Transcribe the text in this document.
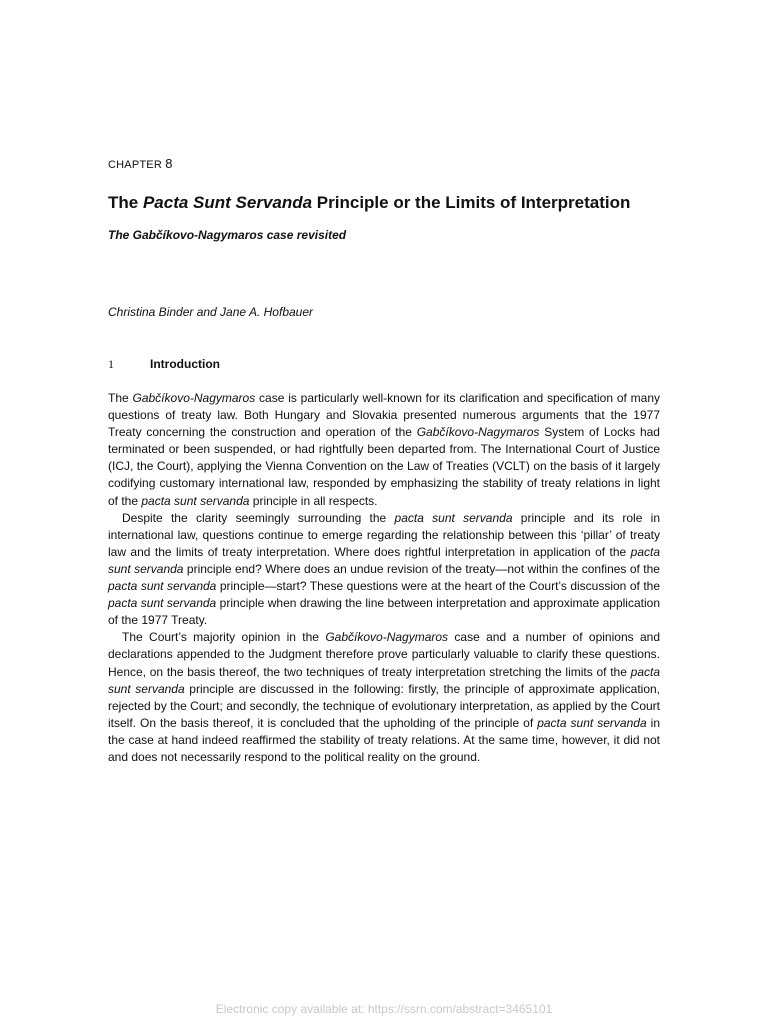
CHAPTER 8
The Pacta Sunt Servanda Principle or the Limits of Interpretation
The Gabčíkovo-Nagymaros case revisited
Christina Binder and Jane A. Hofbauer
1	Introduction

The Gabčíkovo-Nagymaros case is particularly well-known for its clarification and specification of many questions of treaty law. Both Hungary and Slovakia presented numerous arguments that the 1977 Treaty concerning the construction and operation of the Gabčíkovo-Nagymaros System of Locks had terminated or been suspended, or had rightfully been departed from. The International Court of Justice (ICJ, the Court), applying the Vienna Convention on the Law of Treaties (VCLT) on the basis of it largely codifying customary international law, responded by emphasizing the stability of treaty relations in light of the pacta sunt servanda principle in all respects.

Despite the clarity seemingly surrounding the pacta sunt servanda principle and its role in international law, questions continue to emerge regarding the relationship between this ‘pillar’ of treaty law and the limits of treaty interpretation. Where does rightful interpretation in application of the pacta sunt servanda principle end? Where does an undue revision of the treaty—not within the confines of the pacta sunt servanda principle—start? These questions were at the heart of the Court’s discussion of the pacta sunt servanda principle when drawing the line between interpretation and approximate application of the 1977 Treaty.

The Court’s majority opinion in the Gabčíkovo-Nagymaros case and a number of opinions and declarations appended to the Judgment therefore prove particularly valuable to clarify these questions. Hence, on the basis thereof, the two techniques of treaty interpretation stretching the limits of the pacta sunt servanda principle are discussed in the following: firstly, the principle of approximate application, rejected by the Court; and secondly, the technique of evolutionary interpretation, as applied by the Court itself. On the basis thereof, it is concluded that the upholding of the principle of pacta sunt servanda in the case at hand indeed reaffirmed the stability of treaty relations. At the same time, however, it did not and does not necessarily respond to the political reality on the ground.

Electronic copy available at: https://ssrn.com/abstract=3465101
